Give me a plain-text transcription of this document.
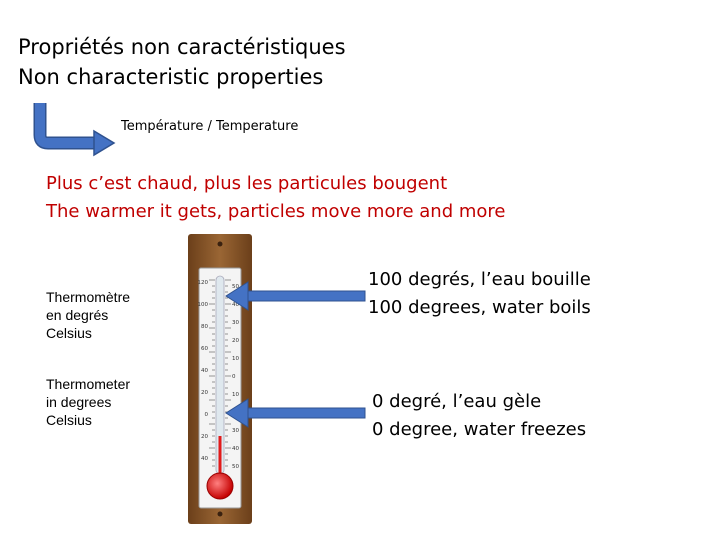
Propriétés non caractéristiques
Non characteristic properties
Température / Temperature
Plus c’est chaud, plus les particules bougent
The warmer it gets, particles move more and more
Thermomètre
en degrés
Celsius
Thermometer
in degrees
Celsius
100 degrés, l’eau bouille
100 degrees, water boils
0 degré, l’eau gèle
0 degree, water freezes
120
100
80
60
40
20
0
20
40
50
40
30
20
10
0
10
30
40
50
